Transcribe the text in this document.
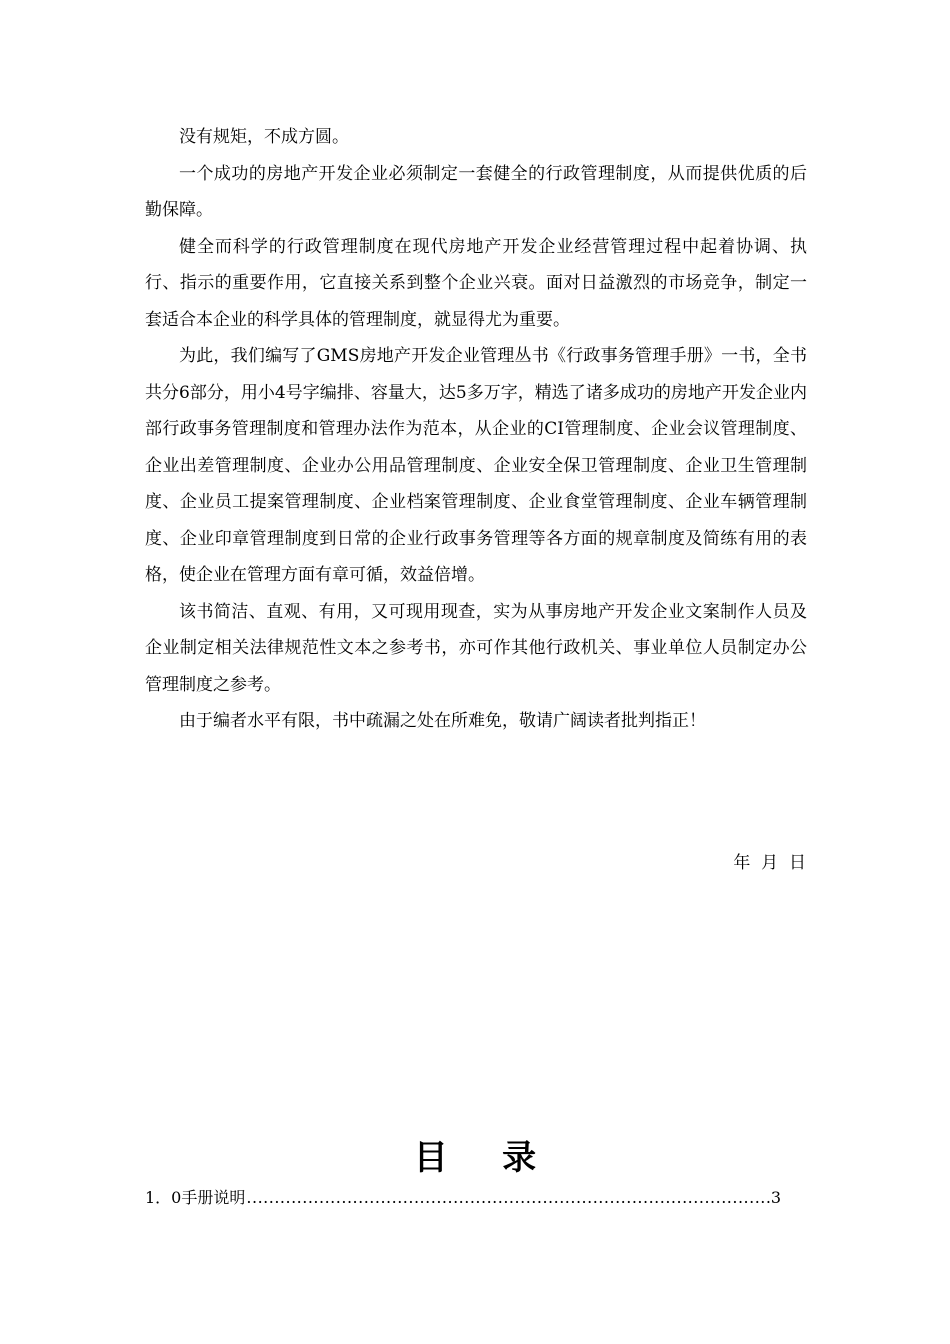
没有规矩，不成方圆。

一个成功的房地产开发企业必须制定一套健全的行政管理制度，从而提供优质的后勤保障。

健全而科学的行政管理制度在现代房地产开发企业经营管理过程中起着协调、执行、指示的重要作用，它直接关系到整个企业兴衰。面对日益激烈的市场竞争，制定一套适合本企业的科学具体的管理制度，就显得尤为重要。

为此，我们编写了GMS房地产开发企业管理丛书《行政事务管理手册》一书，全书共分6部分，用小4号字编排、容量大，达5多万字，精选了诸多成功的房地产开发企业内部行政事务管理制度和管理办法作为范本，从企业的CI管理制度、企业会议管理制度、企业出差管理制度、企业办公用品管理制度、企业安全保卫管理制度、企业卫生管理制度、企业员工提案管理制度、企业档案管理制度、企业食堂管理制度、企业车辆管理制度、企业印章管理制度到日常的企业行政事务管理等各方面的规章制度及简练有用的表格，使企业在管理方面有章可循，效益倍增。

该书简洁、直观、有用，又可现用现查，实为从事房地产开发企业文案制作人员及企业制定相关法律规范性文本之参考书，亦可作其他行政机关、事业单位人员制定办公管理制度之参考。

由于编者水平有限，书中疏漏之处在所难免，敬请广阔读者批判指正！

年  月  日
目录
1．0 手册说明
.....	3
